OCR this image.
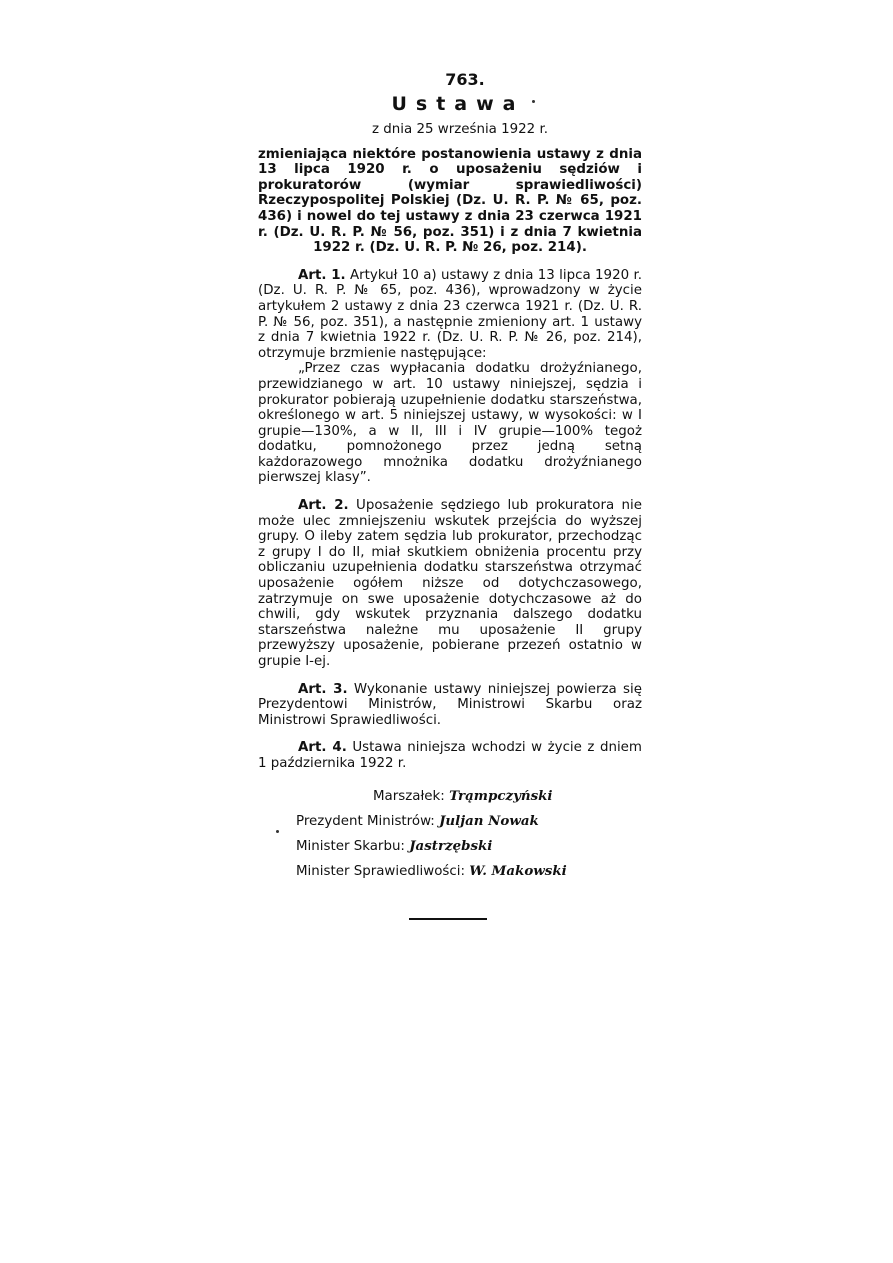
763.
Ustawa
z dnia 25 września 1922 r.
zmieniająca niektóre postanowienia ustawy z dnia 13 lipca 1920 r. o uposażeniu sędziów i prokuratorów (wymiar sprawiedliwości) Rzeczypospolitej Polskiej (Dz. U. R. P. № 65, poz. 436) i nowel do tej ustawy z dnia 23 czerwca 1921 r. (Dz. U. R. P. № 56, poz. 351) i z dnia 7 kwietnia 1922 r. (Dz. U. R. P. № 26, poz. 214).
Art. 1. Artykuł 10 a) ustawy z dnia 13 lipca 1920 r. (Dz. U. R. P. № 65, poz. 436), wprowadzony w życie artykułem 2 ustawy z dnia 23 czerwca 1921 r. (Dz. U. R. P. № 56, poz. 351), a następnie zmieniony art. 1 ustawy z dnia 7 kwietnia 1922 r. (Dz. U. R. P. № 26, poz. 214), otrzymuje brzmienie następujące:
„Przez czas wypłacania dodatku drożyźnianego, przewidzianego w art. 10 ustawy niniejszej, sędzia i prokurator pobierają uzupełnienie dodatku starszeństwa, określonego w art. 5 niniejszej ustawy, w wysokości: w I grupie—130%, a w II, III i IV grupie—100% tegoż dodatku, pomnożonego przez jedną setną każdorazowego mnożnika dodatku drożyźnianego pierwszej klasy”.
Art. 2. Uposażenie sędziego lub prokuratora nie może ulec zmniejszeniu wskutek przejścia do wyższej grupy. O ileby zatem sędzia lub prokurator, przechodząc z grupy I do II, miał skutkiem obniżenia procentu przy obliczaniu uzupełnienia dodatku starszeństwa otrzymać uposażenie ogółem niższe od dotychczasowego, zatrzymuje on swe uposażenie dotychczasowe aż do chwili, gdy wskutek przyznania dalszego dodatku starszeństwa należne mu uposażenie II grupy przewyższy uposażenie, pobierane przezeń ostatnio w grupie I-ej.
Art. 3. Wykonanie ustawy niniejszej powierza się Prezydentowi Ministrów, Ministrowi Skarbu oraz Ministrowi Sprawiedliwości.
Art. 4. Ustawa niniejsza wchodzi w życie z dniem 1 października 1922 r.
Marszałek: Trąmpczyński
Prezydent Ministrów: Juljan Nowak
Minister Skarbu: Jastrzębski
Minister Sprawiedliwości: W. Makowski
